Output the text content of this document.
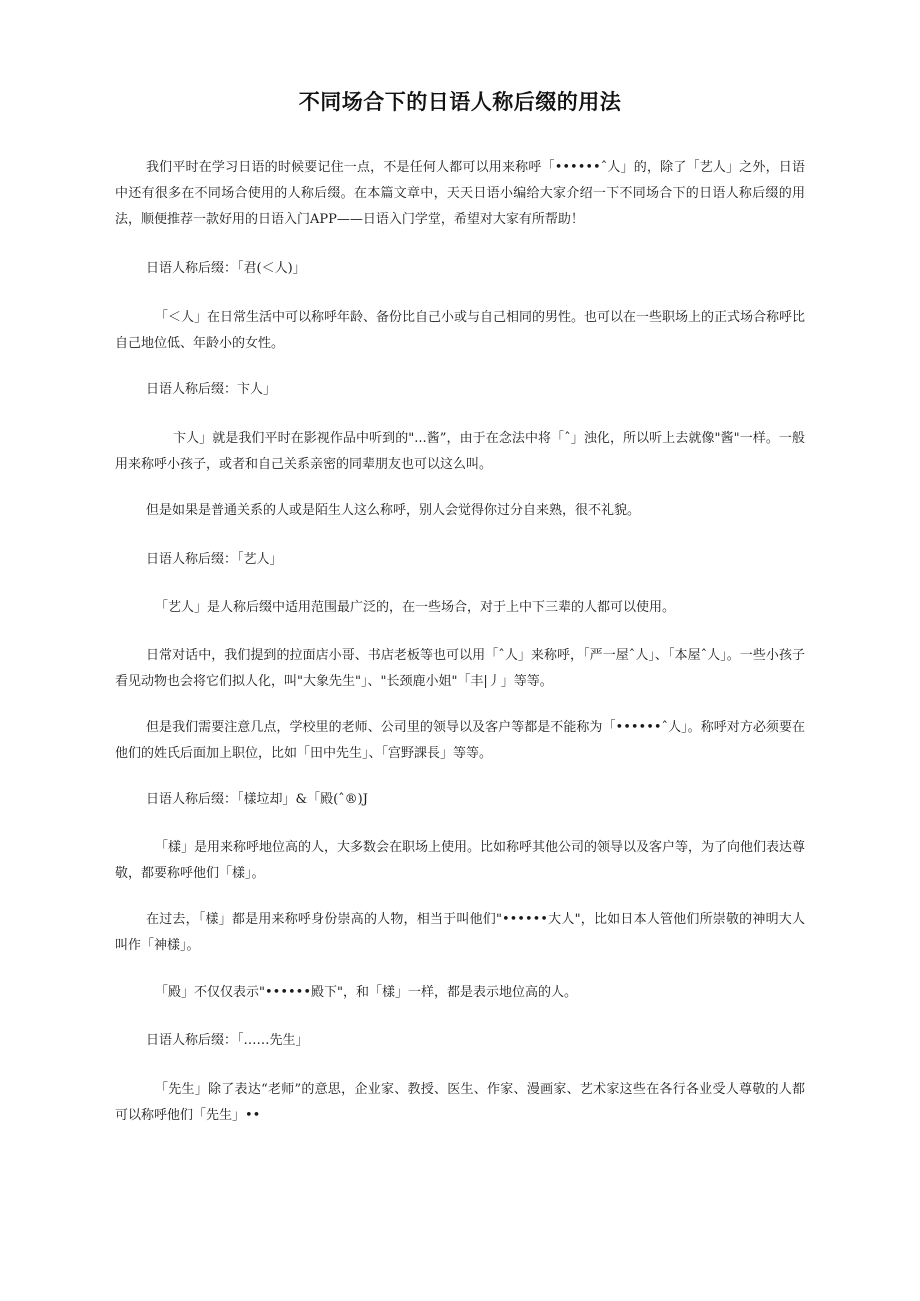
不同场合下的日语人称后缀的用法

我们平时在学习日语的时候要记住一点，不是任何人都可以用来称呼「••••••ˆ人」的，除了「艺人」之外，日语中还有很多在不同场合使用的人称后缀。在本篇文章中，天天日语小编给大家介绍一下不同场合下的日语人称后缀的用法，顺便推荐一款好用的日语入门APP——日语入门学堂，希望对大家有所帮助！

日语人称后缀：「君(＜人)」

「＜人」在日常生活中可以称呼年龄、备份比自己小或与自己相同的男性。也可以在一些职场上的正式场合称呼比自己地位低、年龄小的女性。

日语人称后缀：卞人」

卞人」就是我们平时在影视作品中听到的"...酱”，由于在念法中将「ˆ」浊化，所以听上去就像"酱"一样。一般用来称呼小孩子，或者和自己关系亲密的同辈朋友也可以这么叫。

但是如果是普通关系的人或是陌生人这么称呼，别人会觉得你过分自来熟，很不礼貌。

日语人称后缀：「艺人」

「艺人」是人称后缀中适用范围最广泛的，在一些场合，对于上中下三辈的人都可以使用。

日常对话中，我们提到的拉面店小哥、书店老板等也可以用「ˆ人」来称呼，「严一屋ˆ人」、「本屋ˆ人」。一些小孩子看见动物也会将它们拟人化，叫"大象先生"」、"长颈鹿小姐"「丰|丿」等等。

但是我们需要注意几点，学校里的老师、公司里的领导以及客户等都是不能称为「••••••ˆ人」。称呼对方必须要在他们的姓氏后面加上职位，比如「田中先生」、「宫野課長」等等。

日语人称后缀：「樣垃却」&「殿(ˆ®)J

「樣」是用来称呼地位高的人，大多数会在职场上使用。比如称呼其他公司的领导以及客户等，为了向他们表达尊敬，都要称呼他们「樣」。

在过去，「樣」都是用来称呼身份崇高的人物，相当于叫他们"••••••大人"，比如日本人管他们所崇敬的神明大人叫作「神樣」。

「殿」不仅仅表示"••••••殿下"，和「樣」一样，都是表示地位高的人。

日语人称后缀：「……先生」

「先生」除了表达“老师”的意思，企业家、教授、医生、作家、漫画家、艺术家这些在各行各业受人尊敬的人都可以称呼他们「先生」••
